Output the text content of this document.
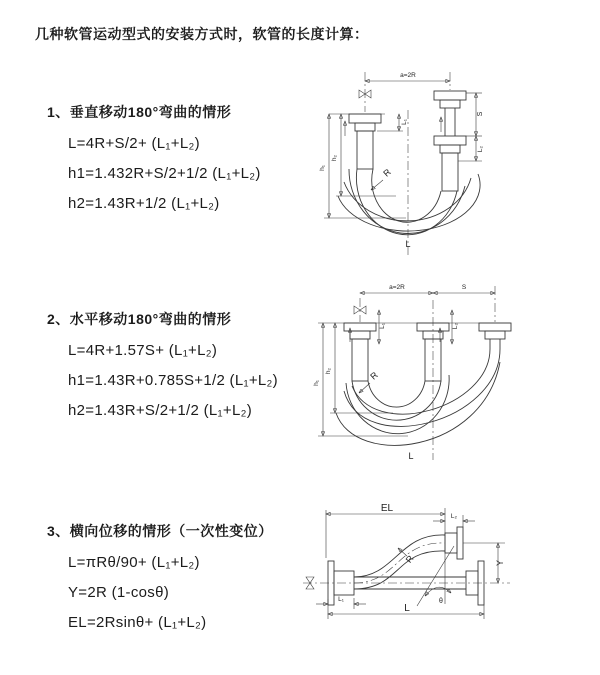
几种软管运动型式的安装方式时，软管的长度计算：
1、垂直移动180°弯曲的情形
L=4R+S/2+ (L₁+L₂)
h1=1.432R+S/2+1/2 (L₁+L₂)
h2=1.43R+1/2 (L₁+L₂)
a=2R
L₁
S
L₂
h₁
h₂
R
L
2、水平移动180°弯曲的情形
L=4R+1.57S+ (L₁+L₂)
h1=1.43R+0.785S+1/2 (L₁+L₂)
h2=1.43R+S/2+1/2 (L₁+L₂)
a=2R	S
L₁	L₂
h₁
h₂	R
L
3、横向位移的情形（一次性变位）
L=πRθ/90+ (L₁+L₂)
Y=2R (1-cosθ)
EL=2Rsinθ+ (L₁+L₂)
EL
L₂
Y
θ
R
L₁
L
